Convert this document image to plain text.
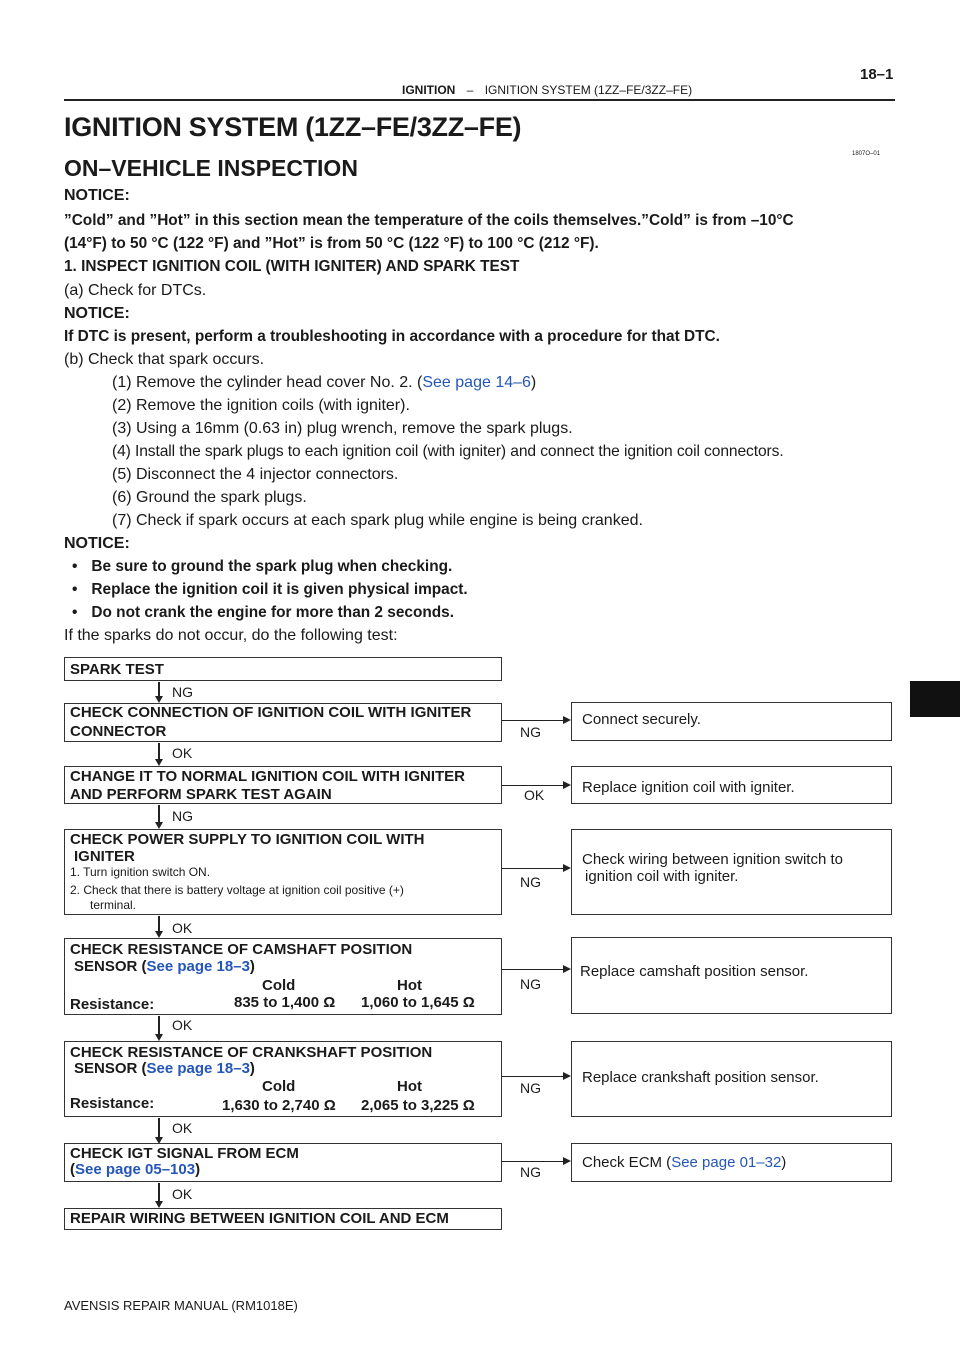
IGNITION – IGNITION SYSTEM (1ZZ–FE/3ZZ–FE)
18–1
IGNITION SYSTEM (1ZZ–FE/3ZZ–FE)
1807O–01
ON–VEHICLE INSPECTION
NOTICE:
”Cold” and ”Hot” in this section mean the temperature of the coils themselves.”Cold” is from –10°C
(14°F) to 50 °C (122 °F) and ”Hot” is from 50 °C (122 °F) to 100 °C (212 °F).
1. INSPECT IGNITION COIL (WITH IGNITER) AND SPARK TEST
(a) Check for DTCs.
NOTICE:
If DTC is present, perform a troubleshooting in accordance with a procedure for that DTC.
(b) Check that spark occurs.
(1) Remove the cylinder head cover No. 2. (See page 14–6)
(2) Remove the ignition coils (with igniter).
(3) Using a 16mm (0.63 in) plug wrench, remove the spark plugs.
(4) Install the spark plugs to each ignition coil (with igniter) and connect the ignition coil connectors.
(5) Disconnect the 4 injector connectors.
(6) Ground the spark plugs.
(7) Check if spark occurs at each spark plug while engine is being cranked.
NOTICE:
• Be sure to ground the spark plug when checking.
• Replace the ignition coil it is given physical impact.
• Do not crank the engine for more than 2 seconds.
If the sparks do not occur, do the following test:
SPARK TEST
NG
CHECK CONNECTION OF IGNITION COIL WITH IGNITER
CONNECTOR	NG
Connect securely.
OK
CHANGE IT TO NORMAL IGNITION COIL WITH IGNITER
AND PERFORM SPARK TEST AGAIN	OK	Replace ignition coil with igniter.
NG
CHECK POWER SUPPLY TO IGNITION COIL WITH
IGNITER
1. Turn ignition switch ON.
2. Check that there is battery voltage at ignition coil positive (+)
terminal.
NG
Check wiring between ignition switch to
ignition coil with igniter.
OK
CHECK RESISTANCE OF CAMSHAFT POSITION
SENSOR (See page 18–3)
Cold	Hot
Resistance:	835 to 1,400 Ω 1,060 to 1,645 Ω
NG
Replace camshaft position sensor.
OK
CHECK RESISTANCE OF CRANKSHAFT POSITION
SENSOR (See page 18–3)
Cold	Hot
Resistance:	1,630 to 2,740 Ω 2,065 to 3,225 Ω
NG
Replace crankshaft position sensor.
OK
CHECK IGT SIGNAL FROM ECM
(See page 05–103)	NG
Check ECM (See page 01–32)
OK
REPAIR WIRING BETWEEN IGNITION COIL AND ECM
AVENSIS REPAIR MANUAL (RM1018E)
